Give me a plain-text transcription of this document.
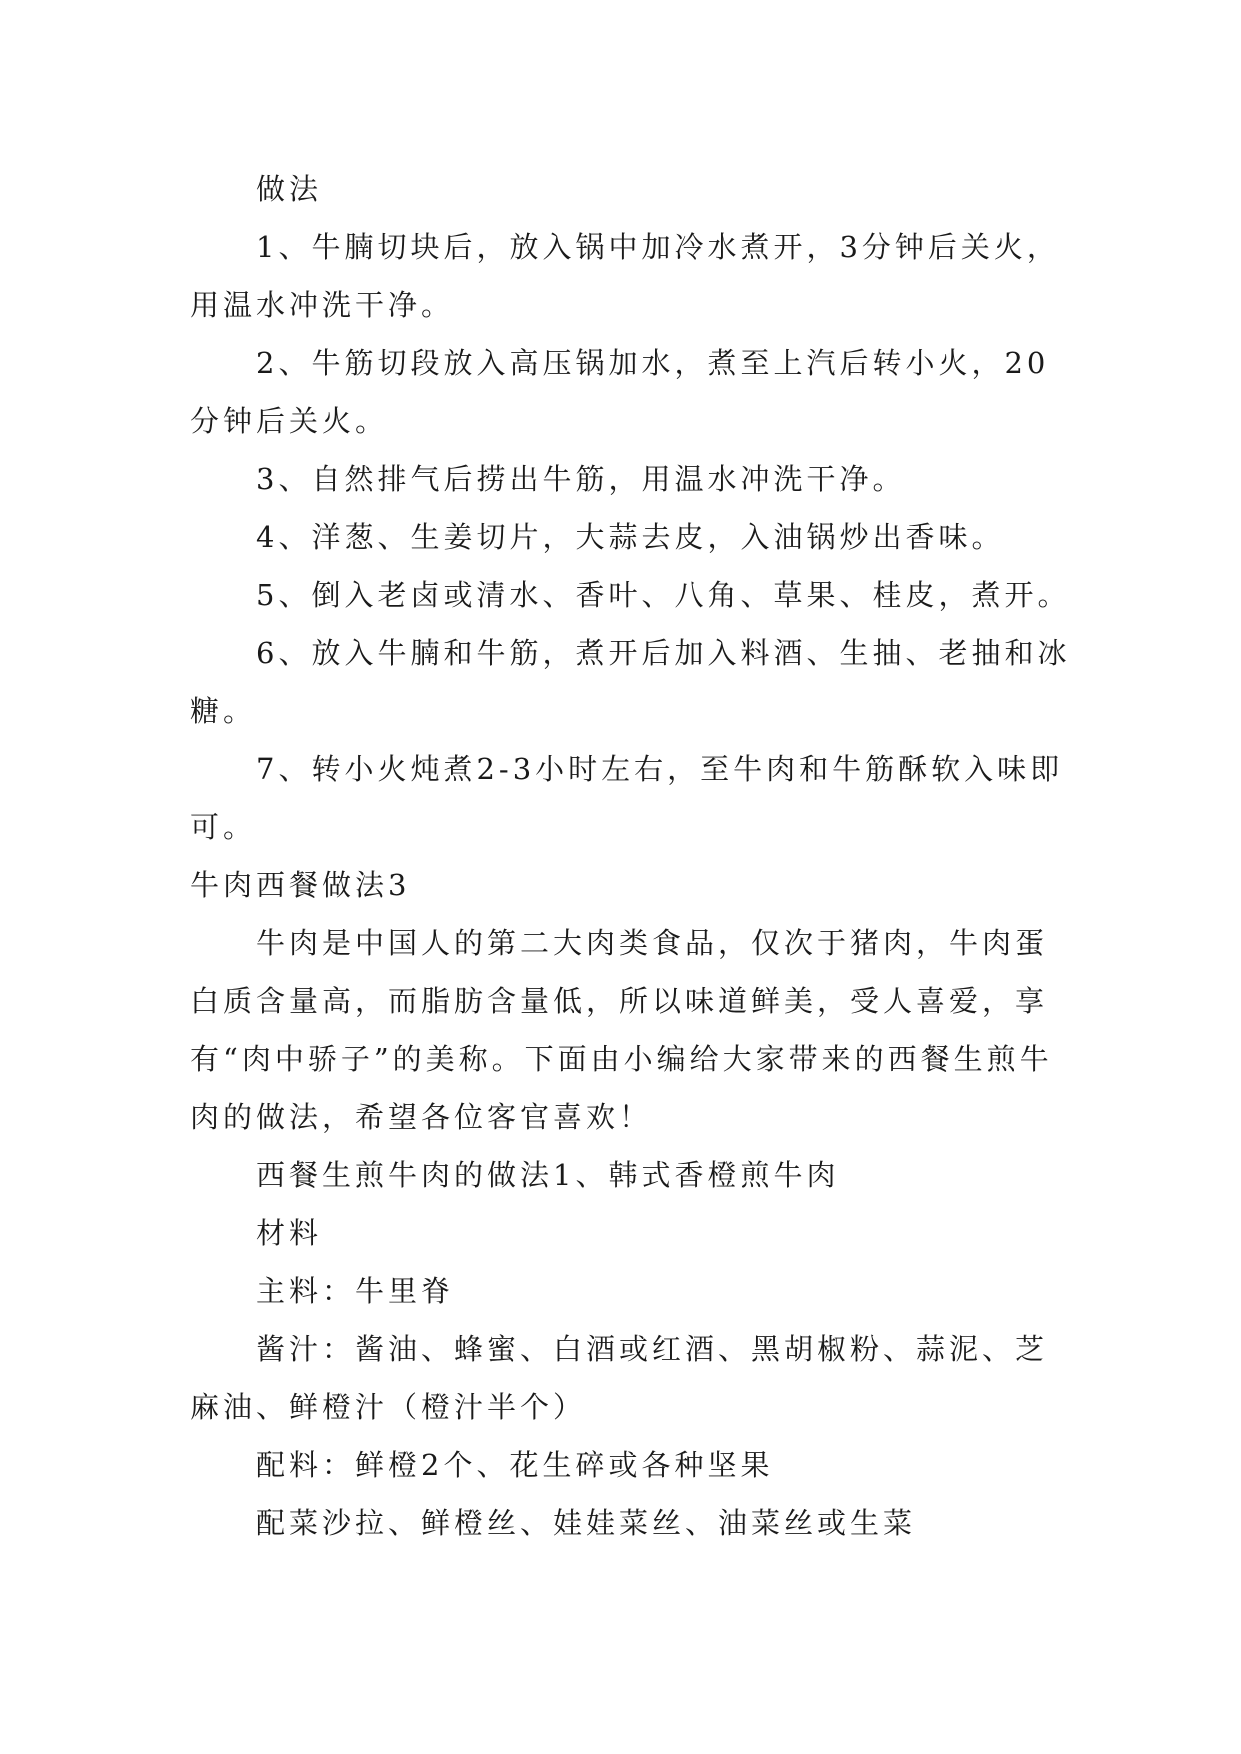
做法

1、牛腩切块后，放入锅中加冷水煮开，3分钟后关火，用温水冲洗干净。

2、牛筋切段放入高压锅加水，煮至上汽后转小火，20分钟后关火。

3、自然排气后捞出牛筋，用温水冲洗干净。

4、洋葱、生姜切片，大蒜去皮，入油锅炒出香味。

5、倒入老卤或清水、香叶、八角、草果、桂皮，煮开。

6、放入牛腩和牛筋，煮开后加入料酒、生抽、老抽和冰糖。

7、转小火炖煮2-3小时左右，至牛肉和牛筋酥软入味即可。

牛肉西餐做法3

牛肉是中国人的第二大肉类食品，仅次于猪肉，牛肉蛋白质含量高，而脂肪含量低，所以味道鲜美，受人喜爱，享有“肉中骄子”的美称。下面由小编给大家带来的西餐生煎牛肉的做法，希望各位客官喜欢！

西餐生煎牛肉的做法1、韩式香橙煎牛肉

材料

主料：牛里脊

酱汁：酱油、蜂蜜、白酒或红酒、黑胡椒粉、蒜泥、芝麻油、鲜橙汁（橙汁半个）

配料：鲜橙2个、花生碎或各种坚果

配菜沙拉、鲜橙丝、娃娃菜丝、油菜丝或生菜
